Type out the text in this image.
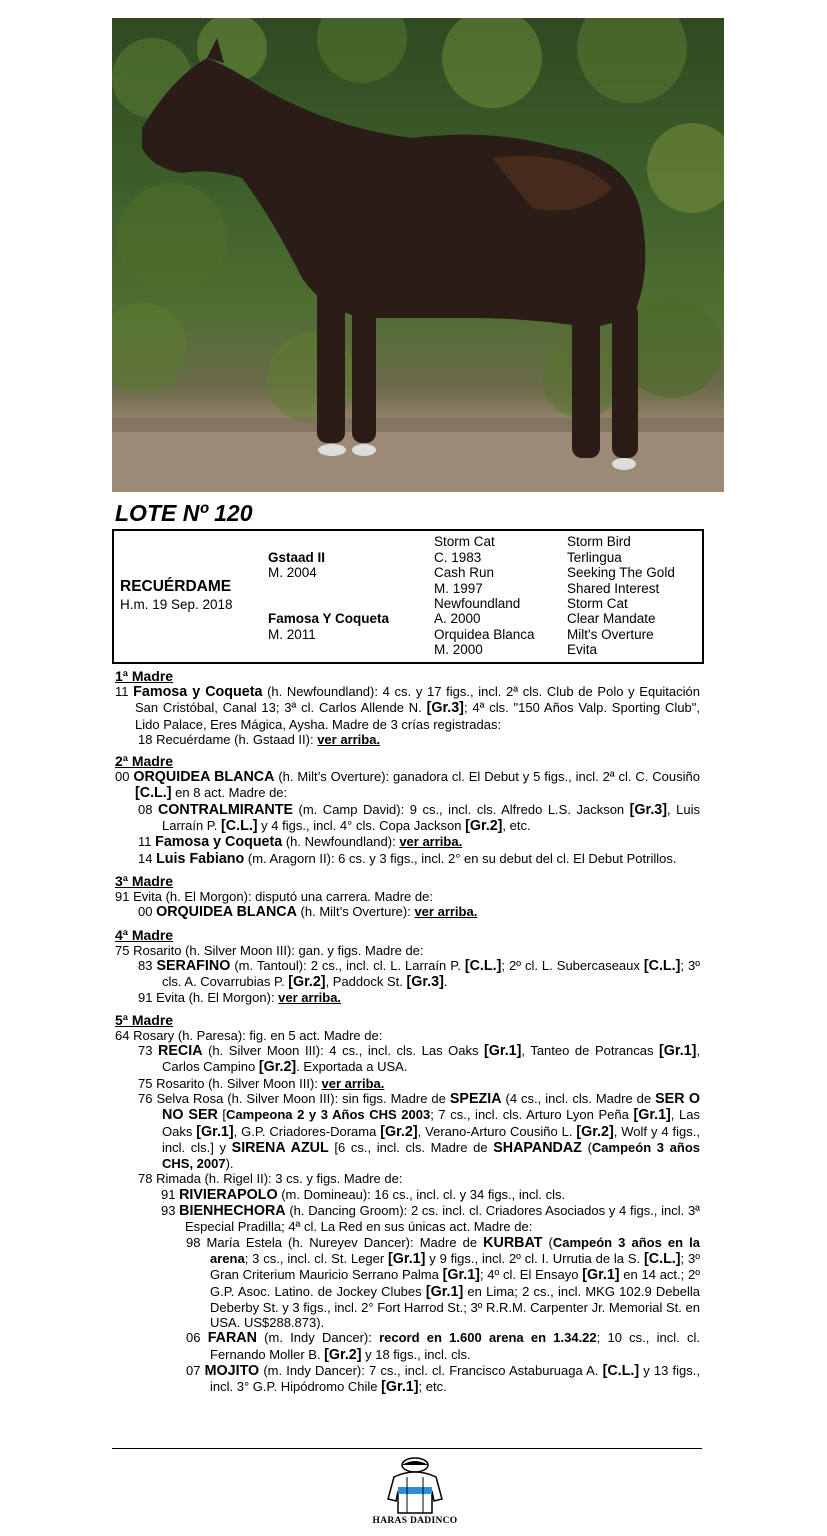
LOTE Nº 120
RECUÉRDAME
H.m. 19 Sep. 2018
Gstaad II
M. 2004
Famosa Y Coqueta
M. 2011
Storm Cat
C. 1983
Cash Run
M. 1997
Newfoundland
A. 2000
Orquidea Blanca
M. 2000
Storm Bird
Terlingua
Seeking The Gold
Shared Interest
Storm Cat
Clear Mandate
Milt's Overture
Evita
1ª Madre

11 Famosa y Coqueta (h. Newfoundland): 4 cs. y 17 figs., incl. 2ª cls. Club de Polo y Equitación San Cristóbal, Canal 13; 3ª cl. Carlos Allende N. [Gr.3]; 4ª cls. "150 Años Valp. Sporting Club", Lido Palace, Eres Mágica, Aysha. Madre de 3 crías registradas:

18 Recuérdame (h. Gstaad II): ver arriba.

2ª Madre

00 ORQUIDEA BLANCA (h. Milt’s Overture): ganadora cl. El Debut y 5 figs., incl. 2ª cl. C. Cousiño [C.L.] en 8 act. Madre de:

08 CONTRALMIRANTE (m. Camp David): 9 cs., incl. cls. Alfredo L.S. Jackson [Gr.3], Luis Larraín P. [C.L.] y 4 figs., incl. 4° cls. Copa Jackson [Gr.2], etc.

11 Famosa y Coqueta (h. Newfoundland): ver arriba.

14 Luis Fabiano (m. Aragorn II): 6 cs. y 3 figs., incl. 2° en su debut del cl. El Debut Potrillos.

3ª Madre

91 Evita (h. El Morgon): disputó una carrera. Madre de:

00 ORQUIDEA BLANCA (h. Milt’s Overture): ver arriba.

4ª Madre

75 Rosarito (h. Silver Moon III): gan. y figs. Madre de:

83 SERAFINO (m. Tantoul): 2 cs., incl. cl. L. Larraín P. [C.L.]; 2º cl. L. Subercaseaux [C.L.]; 3º cls. A. Covarrubias P. [Gr.2], Paddock St. [Gr.3].

91 Evita (h. El Morgon): ver arriba.

5ª Madre

64 Rosary (h. Paresa): fig. en 5 act. Madre de:

73 RECIA (h. Silver Moon III): 4 cs., incl. cls. Las Oaks [Gr.1], Tanteo de Potrancas [Gr.1], Carlos Campino [Gr.2]. Exportada a USA.

75 Rosarito (h. Silver Moon III): ver arriba.

76 Selva Rosa (h. Silver Moon III): sin figs. Madre de SPEZIA (4 cs., incl. cls. Madre de SER O NO SER [Campeona 2 y 3 Años CHS 2003; 7 cs., incl. cls. Arturo Lyon Peña [Gr.1], Las Oaks [Gr.1], G.P. Criadores-Dorama [Gr.2], Verano-Arturo Cousiño L. [Gr.2], Wolf y 4 figs., incl. cls.] y SIRENA AZUL [6 cs., incl. cls. Madre de SHAPANDAZ (Campeón 3 años CHS, 2007).

78 Rimada (h. Rigel II): 3 cs. y figs. Madre de:

91 RIVIERAPOLO (m. Domineau): 16 cs., incl. cl. y 34 figs., incl. cls.

93 BIENHECHORA (h. Dancing Groom): 2 cs. incl. cl. Criadores Asociados y 4 figs., incl. 3ª Especial Pradilla; 4ª cl. La Red en sus únicas act. Madre de:

98 María Estela (h. Nureyev Dancer): Madre de KURBAT (Campeón 3 años en la arena; 3 cs., incl. cl. St. Leger [Gr.1] y 9 figs., incl. 2º cl. I. Urrutia de la S. [C.L.]; 3º Gran Criterium Mauricio Serrano Palma [Gr.1]; 4º cl. El Ensayo [Gr.1] en 14 act.; 2º G.P. Asoc. Latino. de Jockey Clubes [Gr.1] en Lima; 2 cs., incl. MKG 102.9 Debella Deberby St. y 3 figs., incl. 2° Fort Harrod St.; 3º R.R.M. Carpenter Jr. Memorial St. en USA. US$288.873).

06 FARAN (m. Indy Dancer): record en 1.600 arena en 1.34.22; 10 cs., incl. cl. Fernando Moller B. [Gr.2] y 18 figs., incl. cls.

07 MOJITO (m. Indy Dancer): 7 cs., incl. cl. Francisco Astaburuaga A. [C.L.] y 13 figs., incl. 3° G.P. Hipódromo Chile [Gr.1]; etc.

HARAS DADINCO
